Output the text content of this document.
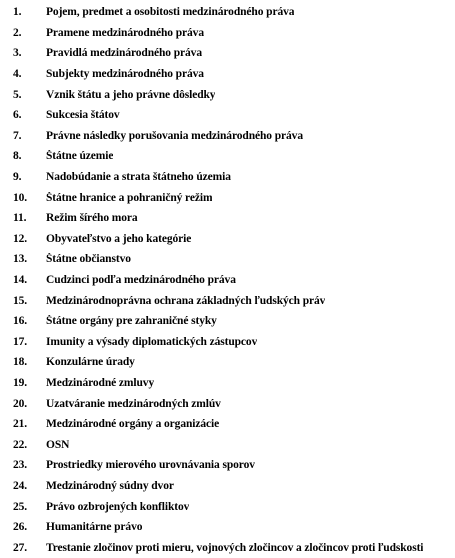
1.	Pojem, predmet a osobitosti medzinárodného práva
2.	Pramene medzinárodného práva
3.	Pravidlá medzinárodného práva
4.	Subjekty medzinárodného práva
5.	Vznik štátu a jeho právne dôsledky
6.	Sukcesia štátov
7.	Právne následky porušovania medzinárodného práva
8.	Štátne územie
9.	Nadobúdanie a strata štátneho územia
10.	Štátne hranice a pohraničný režim
11.	Režim šírého mora
12.	Obyvateľstvo a jeho kategórie
13.	Štátne občianstvo
14.	Cudzinci podľa medzinárodného práva
15.	Medzinárodnoprávna ochrana základných ľudských práv
16.	Štátne orgány pre zahraničné styky
17.	Imunity a výsady diplomatických zástupcov
18.	Konzulárne úrady
19.	Medzinárodné zmluvy
20.	Uzatváranie medzinárodných zmlúv
21.	Medzinárodné orgány a organizácie
22.	OSN
23.	Prostriedky mierového urovnávania sporov
24.	Medzinárodný súdny dvor
25.	Právo ozbrojených konfliktov
26.	Humanitárne právo
27.	Trestanie zločinov proti mieru, vojnových zločincov a zločincov proti ľudskosti
